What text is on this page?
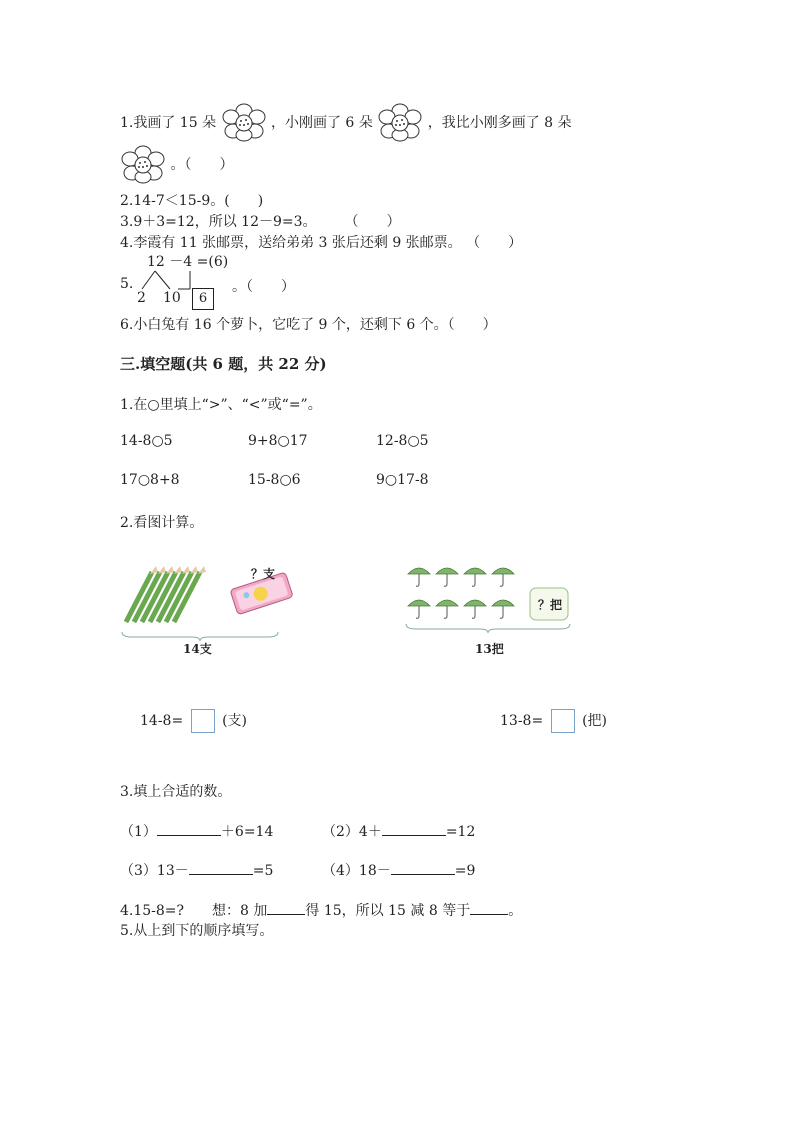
1.我画了 15 朵	，小刚画了 6 朵	，我比小刚多画了 8 朵
。（　　）
2.14-7＜15-9。(　　)
3.9＋3=12，所以 12－9=3。　　　（　　）
4.李霞有 11 张邮票，送给弟弟 3 张后还剩 9 张邮票。 （　　）
5.
12 －4 =(6)
2 10	6
。（　　）
6.小白兔有 16 个萝卜，它吃了 9 个，还剩下 6 个。（　　）
三.填空题(共 6 题，共 22 分)
1.在○里填上“>”、“<”或“=”。
14-8○5	9+8○17	12-8○5
17○8+8	15-8○6	9○17-8
2.看图计算。
？支
14支
？把
13把
14-8=	(支)	13-8=	(把)
3.填上合适的数。
（1）	＋6=14	（2）4＋	=12
（3）13－	=5	（4）18－	=9
4.15-8=?　　想：8 加	得 15，所以 15 减 8 等于	。
5.从上到下的顺序填写。
